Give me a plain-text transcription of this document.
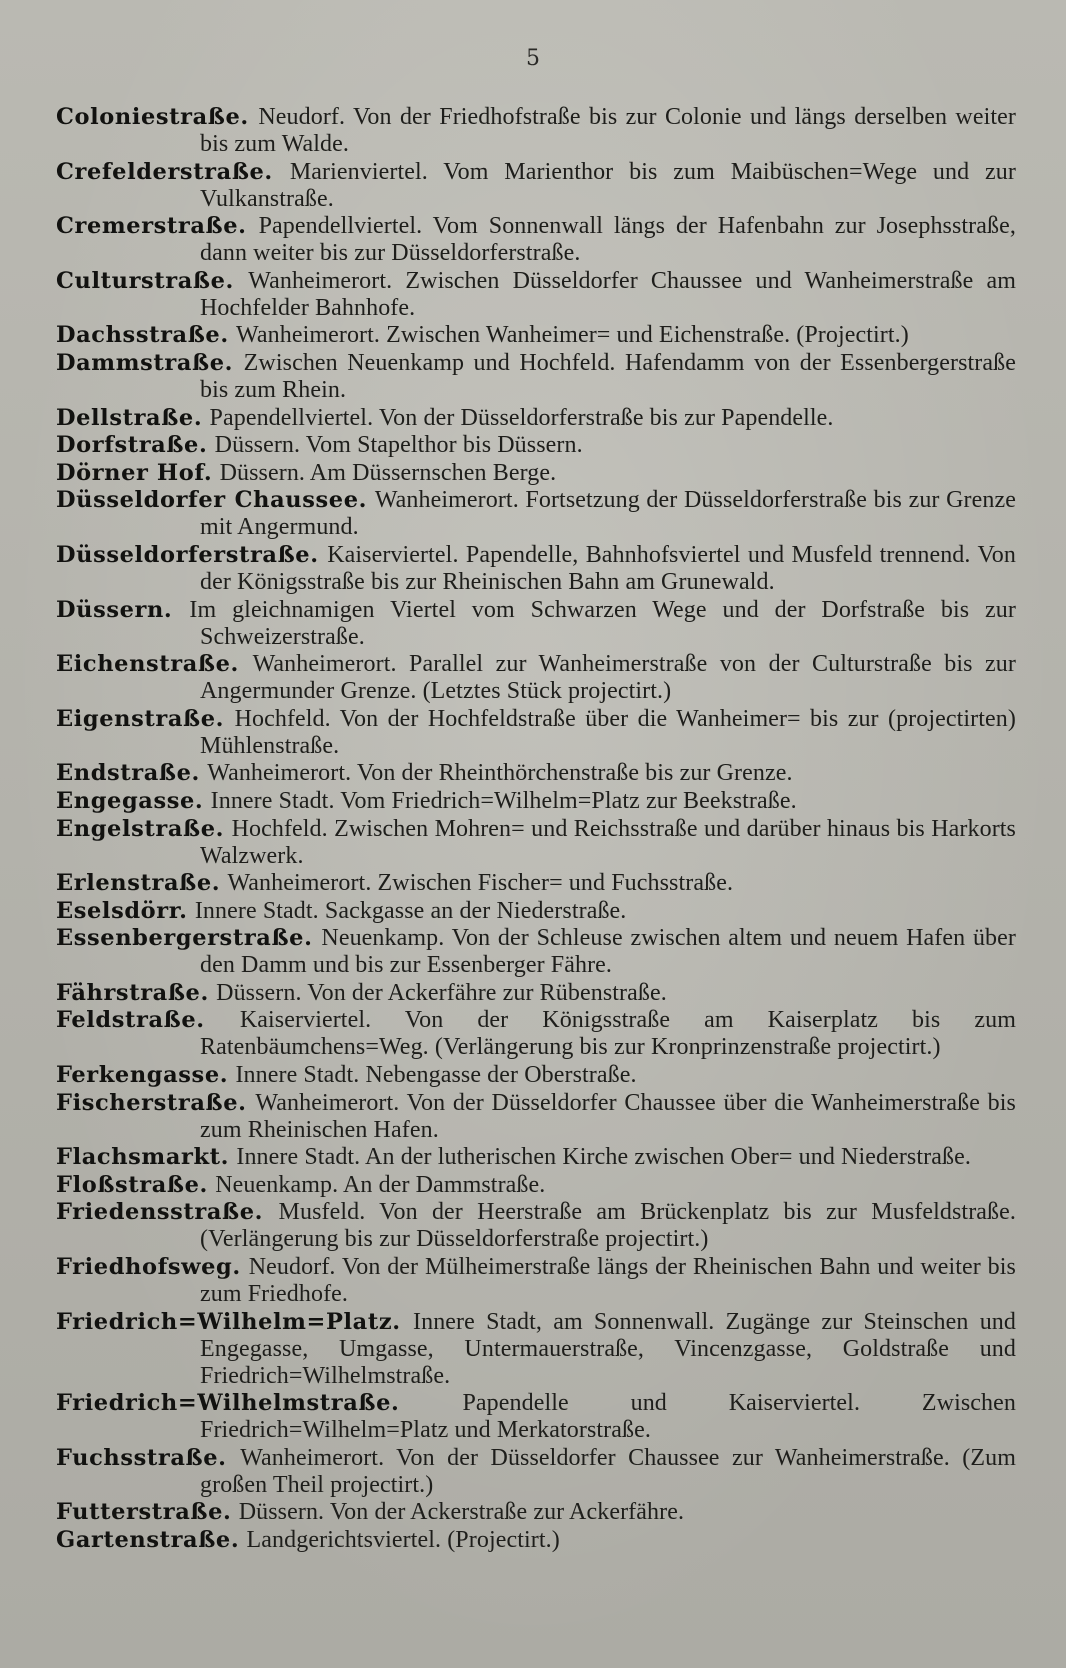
5

Coloniestraße. Neudorf. Von der Friedhofstraße bis zur Colonie und längs derselben weiter bis zum Walde.

Crefelderstraße. Marienviertel. Vom Marienthor bis zum Maibüschen=Wege und zur Vulkanstraße.

Cremerstraße. Papendellviertel. Vom Sonnenwall längs der Hafenbahn zur Josephsstraße, dann weiter bis zur Düsseldorferstraße.

Culturstraße. Wanheimerort. Zwischen Düsseldorfer Chaussee und Wanheimerstraße am Hochfelder Bahnhofe.

Dachsstraße. Wanheimerort. Zwischen Wanheimer= und Eichenstraße. (Projectirt.)

Dammstraße. Zwischen Neuenkamp und Hochfeld. Hafendamm von der Essenbergerstraße bis zum Rhein.

Dellstraße. Papendellviertel. Von der Düsseldorferstraße bis zur Papendelle.

Dorfstraße. Düssern. Vom Stapelthor bis Düssern.

Dörner Hof. Düssern. Am Düssernschen Berge.

Düsseldorfer Chaussee. Wanheimerort. Fortsetzung der Düsseldorferstraße bis zur Grenze mit Angermund.

Düsseldorferstraße. Kaiserviertel. Papendelle, Bahnhofsviertel und Musfeld trennend. Von der Königsstraße bis zur Rheinischen Bahn am Grunewald.

Düssern. Im gleichnamigen Viertel vom Schwarzen Wege und der Dorfstraße bis zur Schweizerstraße.

Eichenstraße. Wanheimerort. Parallel zur Wanheimerstraße von der Culturstraße bis zur Angermunder Grenze. (Letztes Stück projectirt.)

Eigenstraße. Hochfeld. Von der Hochfeldstraße über die Wanheimer= bis zur (projectirten) Mühlenstraße.

Endstraße. Wanheimerort. Von der Rheinthörchenstraße bis zur Grenze.

Engegasse. Innere Stadt. Vom Friedrich=Wilhelm=Platz zur Beekstraße.

Engelstraße. Hochfeld. Zwischen Mohren= und Reichsstraße und darüber hinaus bis Harkorts Walzwerk.

Erlenstraße. Wanheimerort. Zwischen Fischer= und Fuchsstraße.

Eselsdörr. Innere Stadt. Sackgasse an der Niederstraße.

Essenbergerstraße. Neuenkamp. Von der Schleuse zwischen altem und neuem Hafen über den Damm und bis zur Essenberger Fähre.

Fährstraße. Düssern. Von der Ackerfähre zur Rübenstraße.

Feldstraße. Kaiserviertel. Von der Königsstraße am Kaiserplatz bis zum Ratenbäumchens=Weg. (Verlängerung bis zur Kronprinzenstraße projectirt.)

Ferkengasse. Innere Stadt. Nebengasse der Oberstraße.

Fischerstraße. Wanheimerort. Von der Düsseldorfer Chaussee über die Wanheimerstraße bis zum Rheinischen Hafen.

Flachsmarkt. Innere Stadt. An der lutherischen Kirche zwischen Ober= und Niederstraße.

Floßstraße. Neuenkamp. An der Dammstraße.

Friedensstraße. Musfeld. Von der Heerstraße am Brückenplatz bis zur Musfeldstraße. (Verlängerung bis zur Düsseldorferstraße projectirt.)

Friedhofsweg. Neudorf. Von der Mülheimerstraße längs der Rheinischen Bahn und weiter bis zum Friedhofe.

Friedrich=Wilhelm=Platz. Innere Stadt, am Sonnenwall. Zugänge zur Steinschen und Engegasse, Umgasse, Untermauerstraße, Vincenzgasse, Goldstraße und Friedrich=Wilhelmstraße.

Friedrich=Wilhelmstraße.	Papendelle und Kaiserviertel. Zwischen Friedrich=Wilhelm=Platz und Merkatorstraße.

Fuchsstraße. Wanheimerort. Von der Düsseldorfer Chaussee zur Wanheimerstraße. (Zum großen Theil projectirt.)

Futterstraße. Düssern. Von der Ackerstraße zur Ackerfähre.

Gartenstraße. Landgerichtsviertel. (Projectirt.)
